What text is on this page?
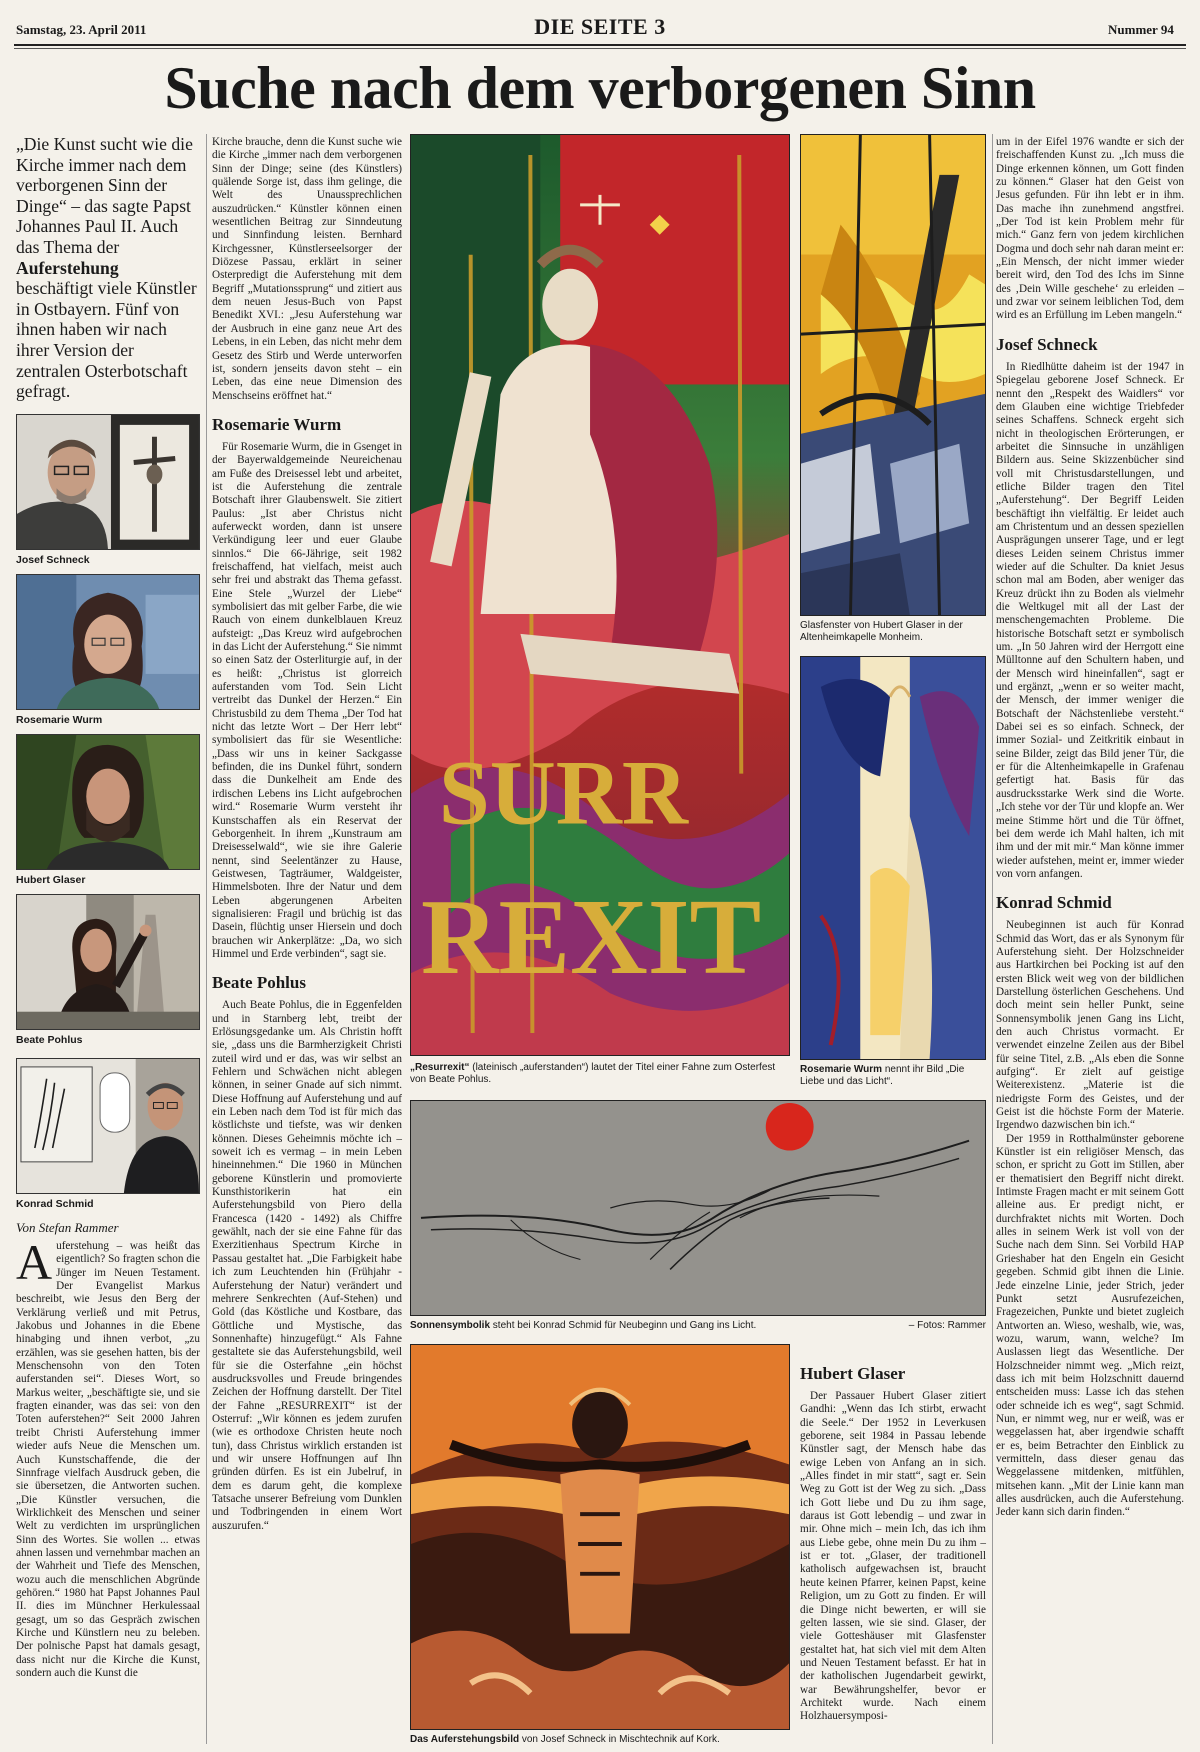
Samstag, 23. April 2011	DIE SEITE 3	Nummer 94
Suche nach dem verborgenen Sinn
„Die Kunst sucht wie die Kirche immer nach dem verborgenen Sinn der Dinge“ – das sagte Papst Johannes Paul II. Auch das Thema der Auferstehung beschäftigt viele Künstler in Ostbayern. Fünf von ihnen haben wir nach ihrer Version der zentralen Osterbotschaft gefragt.
Josef Schneck
Rosemarie Wurm
Hubert Glaser
Beate Pohlus
Konrad Schmid
Von Stefan Rammer

Auferstehung – was heißt das eigentlich? So fragten schon die Jünger im Neuen Testament. Der Evangelist Markus beschreibt, wie Jesus den Berg der Verklärung verließ und mit Petrus, Jakobus und Johannes in die Ebene hinabging und ihnen verbot, „zu erzählen, was sie gesehen hatten, bis der Menschensohn von den Toten auferstanden sei“. Dieses Wort, so Markus weiter, „beschäftigte sie, und sie fragten einander, was das sei: von den Toten auferstehen?“ Seit 2000 Jahren treibt Christi Auferstehung immer wieder aufs Neue die Menschen um. Auch Kunstschaffende, die der Sinnfrage vielfach Ausdruck geben, die sie übersetzen, die Antworten suchen. „Die Künstler versuchen, die Wirklichkeit des Menschen und seiner Welt zu verdichten im ursprünglichen Sinn des Wortes. Sie wollen ... etwas ahnen lassen und vernehmbar machen an der Wahrheit und Tiefe des Menschen, wozu auch die menschlichen Abgründe gehören.“ 1980 hat Papst Johannes Paul II. dies im Münchner Herkulessaal gesagt, um so das Gespräch zwischen Kirche und Künstlern neu zu beleben. Der polnische Papst hat damals gesagt, dass nicht nur die Kirche die Kunst, sondern auch die Kunst die

Kirche brauche, denn die Kunst suche wie die Kirche „immer nach dem verborgenen Sinn der Dinge; seine (des Künstlers) quälende Sorge ist, dass ihm gelinge, die Welt des Unaussprechlichen auszudrücken.“ Künstler können einen wesentlichen Beitrag zur Sinndeutung und Sinnfindung leisten. Bernhard Kirchgessner, Künstlerseelsorger der Diözese Passau, erklärt in seiner Osterpredigt die Auferstehung mit dem Begriff „Mutationssprung“ und zitiert aus dem neuen Jesus-Buch von Papst Benedikt XVI.: „Jesu Auferstehung war der Ausbruch in eine ganz neue Art des Lebens, in ein Leben, das nicht mehr dem Gesetz des Stirb und Werde unterworfen ist, sondern jenseits davon steht – ein Leben, das eine neue Dimension des Menschseins eröffnet hat.“

Rosemarie Wurm

Für Rosemarie Wurm, die in Gsenget in der Bayerwaldgemeinde Neureichenau am Fuße des Dreisessel lebt und arbeitet, ist die Auferstehung die zentrale Botschaft ihrer Glaubenswelt. Sie zitiert Paulus: „Ist aber Christus nicht auferweckt worden, dann ist unsere Verkündigung leer und euer Glaube sinnlos.“ Die 66-Jährige, seit 1982 freischaffend, hat vielfach, meist auch sehr frei und abstrakt das Thema gefasst. Eine Stele „Wurzel der Liebe“ symbolisiert das mit gelber Farbe, die wie Rauch von einem dunkelblauen Kreuz aufsteigt: „Das Kreuz wird aufgebrochen in das Licht der Auferstehung.“ Sie nimmt so einen Satz der Osterliturgie auf, in der es heißt: „Christus ist glorreich auferstanden vom Tod. Sein Licht vertreibt das Dunkel der Herzen.“ Ein Christusbild zu dem Thema „Der Tod hat nicht das letzte Wort – Der Herr lebt“ symbolisiert das für sie Wesentliche: „Dass wir uns in keiner Sackgasse befinden, die ins Dunkel führt, sondern dass die Dunkelheit am Ende des irdischen Lebens ins Licht aufgebrochen wird.“ Rosemarie Wurm versteht ihr Kunstschaffen als ein Reservat der Geborgenheit. In ihrem „Kunstraum am Dreisesselwald“, wie sie ihre Galerie nennt, sind Seelentänzer zu Hause, Geistwesen, Tagträumer, Waldgeister, Himmelsboten. Ihre der Natur und dem Leben abgerungenen Arbeiten signalisieren: Fragil und brüchig ist das Dasein, flüchtig unser Hiersein und doch brauchen wir Ankerplätze: „Da, wo sich Himmel und Erde verbinden“, sagt sie.

Beate Pohlus

Auch Beate Pohlus, die in Eggenfelden und in Starnberg lebt, treibt der Erlösungsgedanke um. Als Christin hofft sie, „dass uns die Barmherzigkeit Christi zuteil wird und er das, was wir selbst an Fehlern und Schwächen nicht ablegen können, in seiner Gnade auf sich nimmt. Diese Hoffnung auf Auferstehung und auf ein Leben nach dem Tod ist für mich das köstlichste und tiefste, was wir denken können. Dieses Geheimnis möchte ich – soweit ich es vermag – in mein Leben hineinnehmen.“ Die 1960 in München geborene Künstlerin und promovierte Kunsthistorikerin hat ein Auferstehungsbild von Piero della Francesca (1420 - 1492) als Chiffre gewählt, nach der sie eine Fahne für das Exerzitienhaus Spectrum Kirche in Passau gestaltet hat. „Die Farbigkeit habe ich zum Leuchtenden hin (Frühjahr - Auferstehung der Natur) verändert und mehrere Senkrechten (Auf-Stehen) und Gold (das Köstliche und Kostbare, das Göttliche und Mystische, das Sonnenhafte) hinzugefügt.“ Als Fahne gestaltete sie das Auferstehungsbild, weil für sie die Osterfahne „ein höchst ausdrucksvolles und Freude bringendes Zeichen der Hoffnung darstellt. Der Titel der Fahne „RESURREXIT“ ist der Osterruf: „Wir können es jedem zurufen (wie es orthodoxe Christen heute noch tun), dass Christus wirklich erstanden ist und wir unsere Hoffnungen auf Ihn gründen dürfen. Es ist ein Jubelruf, in dem es darum geht, die komplexe Tatsache unserer Befreiung vom Dunklen und Todbringenden in einem Wort auszurufen.“

SURR
REXIT
„Resurrexit“ (lateinisch „auferstanden“) lautet der Titel einer Fahne zum Osterfest von Beate Pohlus.
Glasfenster von Hubert Glaser in der Altenheimkapelle Monheim.
Rosemarie Wurm nennt ihr Bild „Die Liebe und das Licht“.
Sonnensymbolik steht bei Konrad Schmid für Neubeginn und Gang ins Licht.	– Fotos: Rammer
Das Auferstehungsbild von Josef Schneck in Mischtechnik auf Kork.
Hubert Glaser

Der Passauer Hubert Glaser zitiert Gandhi: „Wenn das Ich stirbt, erwacht die Seele.“ Der 1952 in Leverkusen geborene, seit 1984 in Passau lebende Künstler sagt, der Mensch habe das ewige Leben von Anfang an in sich. „Alles findet in mir statt“, sagt er. Sein Weg zu Gott ist der Weg zu sich. „Dass ich Gott liebe und Du zu ihm sage, daraus ist Gott lebendig – und zwar in mir. Ohne mich – mein Ich, das ich ihm aus Liebe gebe, ohne mein Du zu ihm – ist er tot. „Glaser, der traditionell katholisch aufgewachsen ist, braucht heute keinen Pfarrer, keinen Papst, keine Religion, um zu Gott zu finden. Er will die Dinge nicht bewerten, er will sie gelten lassen, wie sie sind. Glaser, der viele Gotteshäuser mit Glasfenster gestaltet hat, hat sich viel mit dem Alten und Neuen Testament befasst. Er hat in der katholischen Jugendarbeit gewirkt, war Bewährungshelfer, bevor er Architekt wurde. Nach einem Holzhauersymposi-

um in der Eifel 1976 wandte er sich der freischaffenden Kunst zu. „Ich muss die Dinge erkennen können, um Gott finden zu können.“ Glaser hat den Geist von Jesus gefunden. Für ihn lebt er in ihm. Das mache ihn zunehmend angstfrei. „Der Tod ist kein Problem mehr für mich.“ Ganz fern von jedem kirchlichen Dogma und doch sehr nah daran meint er: „Ein Mensch, der nicht immer wieder bereit wird, den Tod des Ichs im Sinne des ‚Dein Wille geschehe‘ zu erleiden – und zwar vor seinem leiblichen Tod, dem wird es an Erfüllung im Leben mangeln.“

Josef Schneck

In Riedlhütte daheim ist der 1947 in Spiegelau geborene Josef Schneck. Er nennt den „Respekt des Waidlers“ vor dem Glauben eine wichtige Triebfeder seines Schaffens. Schneck ergeht sich nicht in theologischen Erörterungen, er arbeitet die Sinnsuche in unzähligen Bildern aus. Seine Skizzenbücher sind voll mit Christusdarstellungen, und etliche Bilder tragen den Titel „Auferstehung“. Der Begriff Leiden beschäftigt ihn vielfältig. Er leidet auch am Christentum und an dessen speziellen Ausprägungen unserer Tage, und er legt dieses Leiden seinem Christus immer wieder auf die Schulter. Da kniet Jesus schon mal am Boden, aber weniger das Kreuz drückt ihn zu Boden als vielmehr die Weltkugel mit all der Last der menschengemachten Probleme. Die historische Botschaft setzt er symbolisch um. „In 50 Jahren wird der Herrgott eine Mülltonne auf den Schultern haben, und der Mensch wird hineinfallen“, sagt er und ergänzt, „wenn er so weiter macht, der Mensch, der immer weniger die Botschaft der Nächstenliebe versteht.“ Dabei sei es so einfach. Schneck, der immer Sozial- und Zeitkritik einbaut in seine Bilder, zeigt das Bild jener Tür, die er für die Altenheimkapelle in Grafenau gefertigt hat. Basis für das ausdrucksstarke Werk sind die Worte. „Ich stehe vor der Tür und klopfe an. Wer meine Stimme hört und die Tür öffnet, bei dem werde ich Mahl halten, ich mit ihm und der mit mir.“ Man könne immer wieder aufstehen, meint er, immer wieder von vorn anfangen.

Konrad Schmid

Neubeginnen ist auch für Konrad Schmid das Wort, das er als Synonym für Auferstehung sieht. Der Holzschneider aus Hartkirchen bei Pocking ist auf den ersten Blick weit weg von der bildlichen Darstellung österlichen Geschehens. Und doch meint sein heller Punkt, seine Sonnensymbolik jenen Gang ins Licht, den auch Christus vormacht. Er verwendet einzelne Zeilen aus der Bibel für seine Titel, z.B. „Als eben die Sonne aufging“. Er zielt auf geistige Weiterexistenz. „Materie ist die niedrigste Form des Geistes, und der Geist ist die höchste Form der Materie. Irgendwo dazwischen bin ich.“

Der 1959 in Rotthalmünster geborene Künstler ist ein religiöser Mensch, das schon, er spricht zu Gott im Stillen, aber er thematisiert den Begriff nicht direkt. Intimste Fragen macht er mit seinem Gott alleine aus. Er predigt nicht, er durchfraktet nichts mit Worten. Doch alles in seinem Werk ist voll von der Suche nach dem Sinn. Sei Vorbild HAP Grieshaber hat den Engeln ein Gesicht gegeben. Schmid gibt ihnen die Linie. Jede einzelne Linie, jeder Strich, jeder Punkt setzt Ausrufezeichen, Fragezeichen, Punkte und bietet zugleich Antworten an. Wieso, weshalb, wie, was, wozu, warum, wann, welche? Im Auslassen liegt das Wesentliche. Der Holzschneider nimmt weg. „Mich reizt, dass ich mit beim Holzschnitt dauernd entscheiden muss: Lasse ich das stehen oder schneide ich es weg“, sagt Schmid. Nun, er nimmt weg, nur er weiß, was er weggelassen hat, aber irgendwie schafft er es, beim Betrachter den Einblick zu vermitteln, dass dieser genau das Weggelassene mitdenken, mitfühlen, mitsehen kann. „Mit der Linie kann man alles ausdrücken, auch die Auferstehung. Jeder kann sich darin finden.“
